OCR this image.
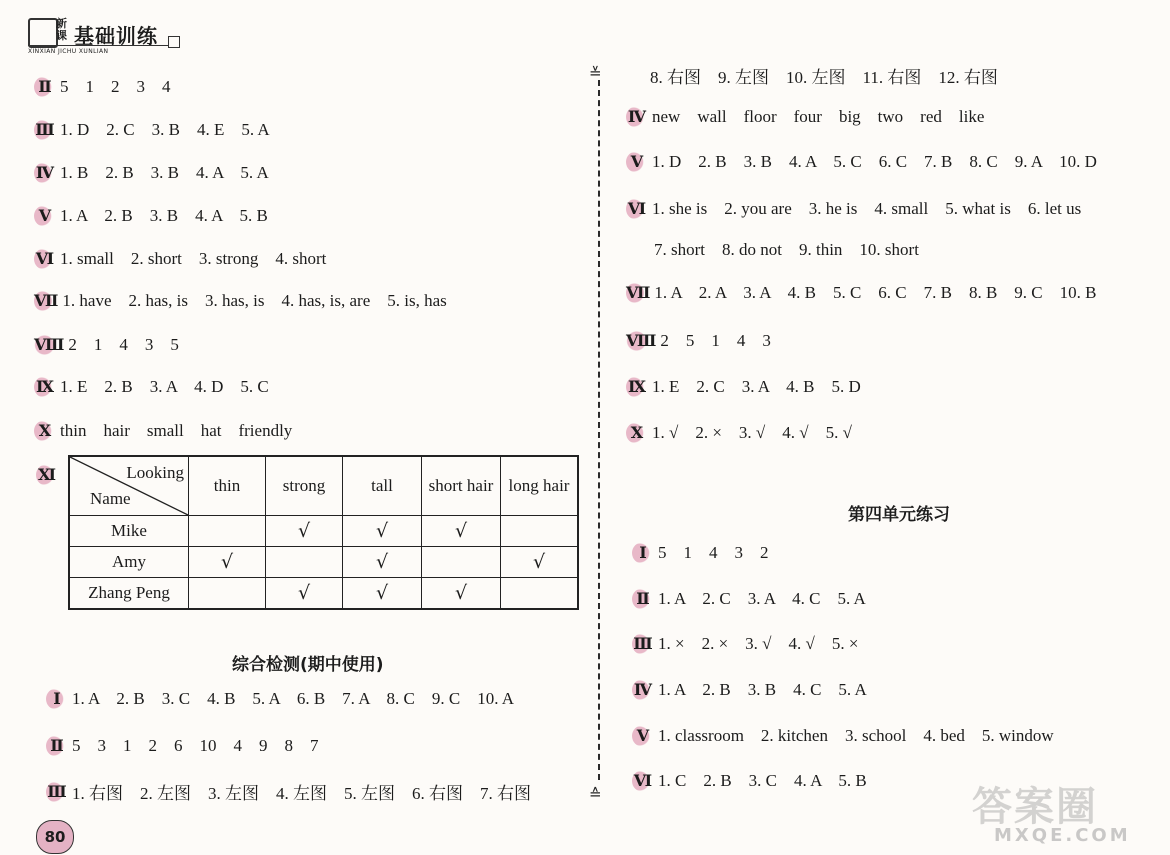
新课 基础训练
XINXIAN JICHU XUNLIAN
Ⅱ 5    1    2    3    4
Ⅲ 1. D    2. C    3. B    4. E    5. A
Ⅳ 1. B    2. B    3. B    4. A    5. A
Ⅴ 1. A    2. B    3. B    4. A    5. B
Ⅵ 1. small    2. short    3. strong    4. short
Ⅶ 1. have    2. has, is    3. has, is    4. has, is, are    5. is, has
Ⅷ 2    1    4    3    5
Ⅸ 1. E    2. B    3. A    4. D    5. C
Ⅹ thin    hair    small    hat    friendly
Ⅺ	Looking
Name	thin	strong	tall	short hair	long hair
Mike		√	√	√	
Amy	√		√		√
Zhang Peng		√	√	√	
综合检测(期中使用)
Ⅰ 1. A    2. B    3. C    4. B    5. A    6. B    7. A    8. C    9. C    10. A
Ⅱ 5    3    1    2    6    10    4    9    8    7
Ⅲ 1. 右图    2. 左图    3. 左图    4. 左图    5. 左图    6. 右图    7. 右图
80
≚
≙
8. 右图    9. 左图    10. 左图    11. 右图    12. 右图
Ⅳ new    wall    floor    four    big    two    red    like
Ⅴ 1. D    2. B    3. B    4. A    5. C    6. C    7. B    8. C    9. A    10. D
Ⅵ 1. she is    2. you are    3. he is    4. small    5. what is    6. let us
7. short    8. do not    9. thin    10. short
Ⅶ 1. A    2. A    3. A    4. B    5. C    6. C    7. B    8. B    9. C    10. B
Ⅷ 2    5    1    4    3
Ⅸ 1. E    2. C    3. A    4. B    5. D
Ⅹ 1. √    2. ×    3. √    4. √    5. √
第四单元练习
Ⅰ 5    1    4    3    2
Ⅱ 1. A    2. C    3. A    4. C    5. A
Ⅲ 1. ×    2. ×    3. √    4. √    5. ×
Ⅳ 1. A    2. B    3. B    4. C    5. A
Ⅴ 1. classroom    2. kitchen    3. school    4. bed    5. window
Ⅵ 1. C    2. B    3. C    4. A    5. B
答案圈
MXQE.COM
